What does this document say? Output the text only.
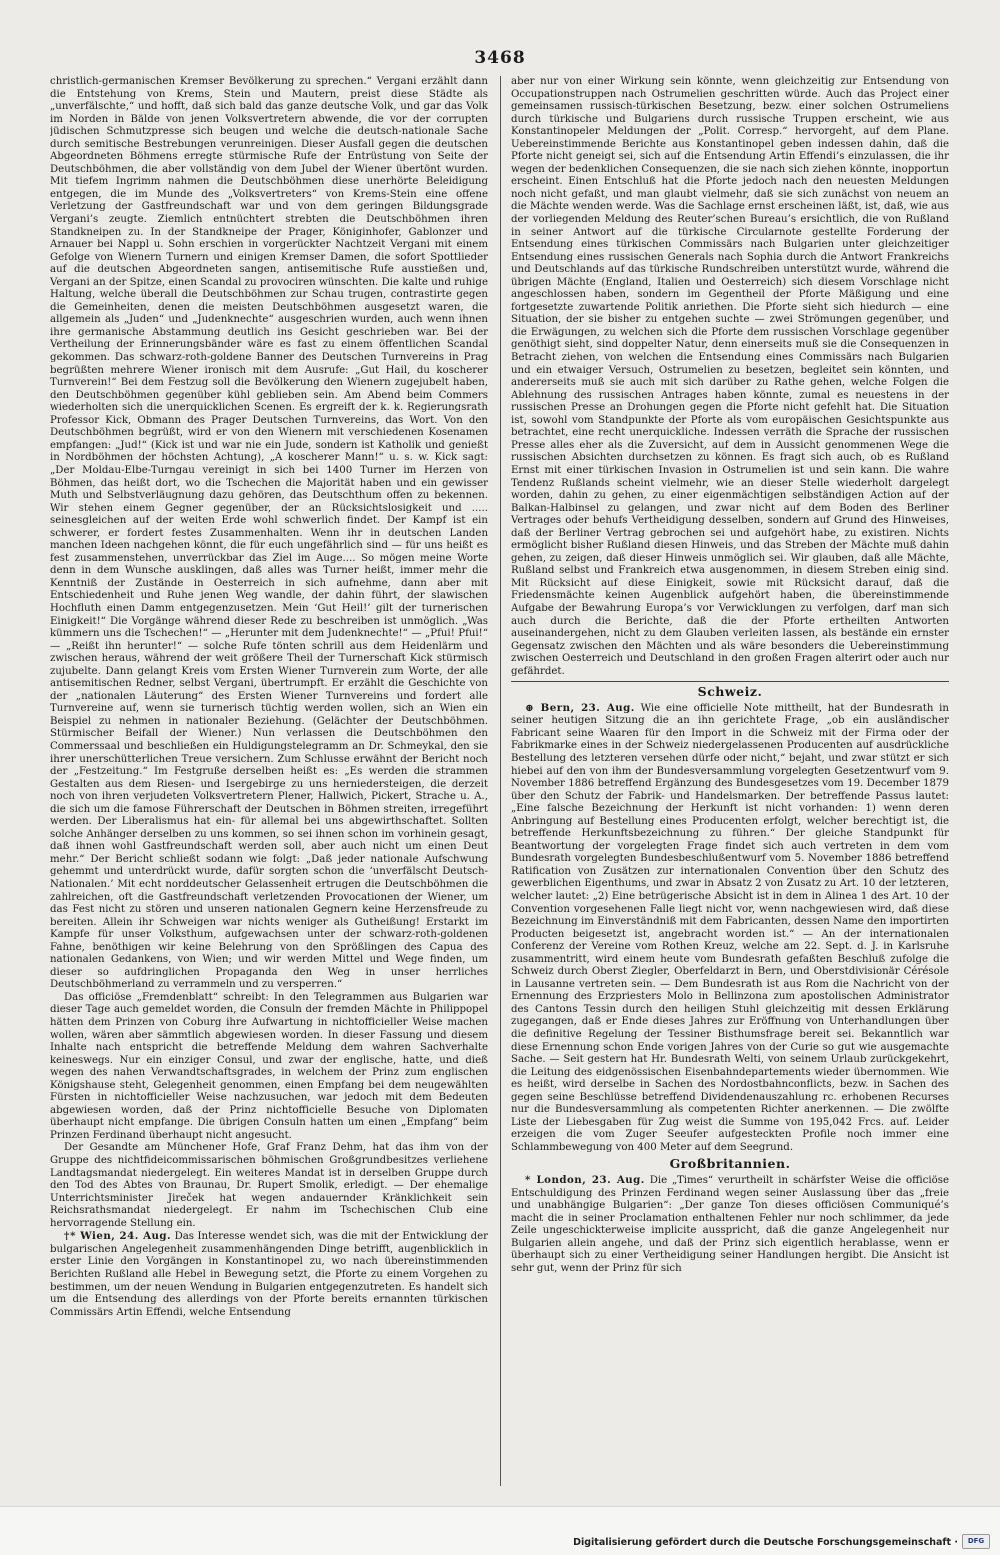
3468

christlich-germanischen Kremser Bevölkerung zu sprechen.“ Vergani erzählt dann die Entstehung von Krems, Stein und Mautern, preist diese Städte als „unverfälschte,“ und hofft, daß sich bald das ganze deutsche Volk, und gar das Volk im Norden in Bälde von jenen Volksvertretern abwende, die vor der corrupten jüdischen Schmutzpresse sich beugen und welche die deutsch-nationale Sache durch semitische Bestrebungen verunreinigen. Dieser Ausfall gegen die deutschen Abgeordneten Böhmens erregte stürmische Rufe der Entrüstung von Seite der Deutschböhmen, die aber vollständig von dem Jubel der Wiener übertönt wurden. Mit tiefem Ingrimm nahmen die Deutschböhmen diese unerhörte Beleidigung entgegen, die im Munde des „Volksvertreters“ von Krems-Stein eine offene Verletzung der Gastfreundschaft war und von dem geringen Bildungsgrade Vergani’s zeugte. Ziemlich entnüchtert strebten die Deutschböhmen ihren Standkneipen zu. In der Standkneipe der Prager, Königinhofer, Gablonzer und Arnauer bei Nappl u. Sohn erschien in vorgerückter Nachtzeit Vergani mit einem Gefolge von Wienern Turnern und einigen Kremser Damen, die sofort Spottlieder auf die deutschen Abgeordneten sangen, antisemitische Rufe ausstießen und, Vergani an der Spitze, einen Scandal zu provociren wünschten. Die kalte und ruhige Haltung, welche überall die Deutschböhmen zur Schau trugen, contrastirte gegen die Gemeinheiten, denen die meisten Deutschböhmen ausgesetzt waren, die allgemein als „Juden“ und „Judenknechte“ ausgeschrien wurden, auch wenn ihnen ihre germanische Abstammung deutlich ins Gesicht geschrieben war. Bei der Vertheilung der Erinnerungsbänder wäre es fast zu einem öffentlichen Scandal gekommen. Das schwarz-roth-goldene Banner des Deutschen Turnvereins in Prag begrüßten mehrere Wiener ironisch mit dem Ausrufe: „Gut Hail, du koscherer Turnverein!“ Bei dem Festzug soll die Bevölkerung den Wienern zugejubelt haben, den Deutschböhmen gegenüber kühl geblieben sein. Am Abend beim Commers wiederholten sich die unerquicklichen Scenen. Es ergreift der k. k. Regierungsrath Professor Kick, Obmann des Prager Deutschen Turnvereins, das Wort. Von den Deutschböhmen begrüßt, wird er von den Wienern mit verschiedenen Kosenamen empfangen: „Jud!“ (Kick ist und war nie ein Jude, sondern ist Katholik und genießt in Nordböhmen der höchsten Achtung), „A koscherer Mann!“ u. s. w. Kick sagt: „Der Moldau-Elbe-Turngau vereinigt in sich bei 1400 Turner im Herzen von Böhmen, das heißt dort, wo die Tschechen die Majorität haben und ein gewisser Muth und Selbstverläugnung dazu gehören, das Deutschthum offen zu bekennen. Wir stehen einem Gegner gegenüber, der an Rücksichtslosigkeit und ..... seinesgleichen auf der weiten Erde wohl schwerlich findet. Der Kampf ist ein schwerer, er fordert festes Zusammenhalten. Wenn ihr in deutschen Landen manchen Ideen nachgehen könnt, die für euch ungefährlich sind — für uns heißt es fest zusammenstehen, unverrückbar das Ziel im Auge.... So mögen meine Worte denn in dem Wunsche ausklingen, daß alles was Turner heißt, immer mehr die Kenntniß der Zustände in Oesterreich in sich aufnehme, dann aber mit Entschiedenheit und Ruhe jenen Weg wandle, der dahin führt, der slawischen Hochfluth einen Damm entgegenzusetzen. Mein ‘Gut Heil!’ gilt der turnerischen Einigkeit!“ Die Vorgänge während dieser Rede zu beschreiben ist unmöglich. „Was kümmern uns die Tschechen!“ — „Herunter mit dem Judenknechte!“ — „Pfui! Pfui!“ — „Reißt ihn herunter!“ — solche Rufe tönten schrill aus dem Heidenlärm und zwischen heraus, während der weit größere Theil der Turnerschaft Kick stürmisch zujubelte. Dann gelangt Kreis vom Ersten Wiener Turnverein zum Worte, der alle antisemitischen Redner, selbst Vergani, übertrumpft. Er erzählt die Geschichte von der „nationalen Läuterung“ des Ersten Wiener Turnvereins und fordert alle Turnvereine auf, wenn sie turnerisch tüchtig werden wollen, sich an Wien ein Beispiel zu nehmen in nationaler Beziehung. (Gelächter der Deutschböhmen. Stürmischer Beifall der Wiener.) Nun verlassen die Deutschböhmen den Commerssaal und beschließen ein Huldigungstelegramm an Dr. Schmeykal, den sie ihrer unerschütterlichen Treue versichern. Zum Schlusse erwähnt der Bericht noch der „Festzeitung.“ Im Festgruße derselben heißt es: „Es werden die strammen Gestalten aus dem Riesen- und Isergebirge zu uns herniedersteigen, die derzeit noch von ihren verjudeten Volksvertretern Plener, Hallwich, Pickert, Strache u. A., die sich um die famose Führerschaft der Deutschen in Böhmen streiten, irregeführt werden. Der Liberalismus hat ein- für allemal bei uns abgewirthschaftet. Sollten solche Anhänger derselben zu uns kommen, so sei ihnen schon im vorhinein gesagt, daß ihnen wohl Gastfreundschaft werden soll, aber auch nicht um einen Deut mehr.“ Der Bericht schließt sodann wie folgt: „Daß jeder nationale Aufschwung gehemmt und unterdrückt wurde, dafür sorgten schon die ‘unverfälscht Deutsch-Nationalen.’ Mit echt norddeutscher Gelassenheit ertrugen die Deutschböhmen die zahlreichen, oft die Gastfreundschaft verletzenden Provocationen der Wiener, um das Fest nicht zu stören und unseren nationalen Gegnern keine Herzensfreude zu bereiten. Allein ihr Schweigen war nichts weniger als Gutheißung! Erstarkt im Kampfe für unser Volksthum, aufgewachsen unter der schwarz-roth-goldenen Fahne, benöthigen wir keine Belehrung von den Sprößlingen des Capua des nationalen Gedankens, von Wien; und wir werden Mittel und Wege finden, um dieser so aufdringlichen Propaganda den Weg in unser herrliches Deutschböhmerland zu verrammeln und zu versperren.“

Das officiöse „Fremdenblatt“ schreibt: In den Telegrammen aus Bulgarien war dieser Tage auch gemeldet worden, die Consuln der fremden Mächte in Philippopel hätten dem Prinzen von Coburg ihre Aufwartung in nichtofficieller Weise machen wollen, wären aber sämmtlich abgewiesen worden. In dieser Fassung und diesem Inhalte nach entspricht die betreffende Meldung dem wahren Sachverhalte keineswegs. Nur ein einziger Consul, und zwar der englische, hatte, und dieß wegen des nahen Verwandtschaftsgrades, in welchem der Prinz zum englischen Königshause steht, Gelegenheit genommen, einen Empfang bei dem neugewählten Fürsten in nichtofficieller Weise nachzusuchen, war jedoch mit dem Bedeuten abgewiesen worden, daß der Prinz nichtofficielle Besuche von Diplomaten überhaupt nicht empfange. Die übrigen Consuln hatten um einen „Empfang“ beim Prinzen Ferdinand überhaupt nicht angesucht.

Der Gesandte am Münchener Hofe, Graf Franz Dehm, hat das ihm von der Gruppe des nichtfideicommissarischen böhmischen Großgrundbesitzes verliehene Landtagsmandat niedergelegt. Ein weiteres Mandat ist in derselben Gruppe durch den Tod des Abtes von Braunau, Dr. Rupert Smolik, erledigt. — Der ehemalige Unterrichtsminister Jireček hat wegen andauernder Kränklichkeit sein Reichsrathsmandat niedergelegt. Er nahm im Tschechischen Club eine hervorragende Stellung ein.

†* Wien, 24. Aug. Das Interesse wendet sich, was die mit der Entwicklung der bulgarischen Angelegenheit zusammenhängenden Dinge betrifft, augenblicklich in erster Linie den Vorgängen in Konstantinopel zu, wo nach übereinstimmenden Berichten Rußland alle Hebel in Bewegung setzt, die Pforte zu einem Vorgehen zu bestimmen, um der neuen Wendung in Bulgarien entgegenzutreten. Es handelt sich um die Entsendung des allerdings von der Pforte bereits ernannten türkischen Commissärs Artin Effendi, welche Entsendung

aber nur von einer Wirkung sein könnte, wenn gleichzeitig zur Entsendung von Occupationstruppen nach Ostrumelien geschritten würde. Auch das Project einer gemeinsamen russisch-türkischen Besetzung, bezw. einer solchen Ostrumeliens durch türkische und Bulgariens durch russische Truppen erscheint, wie aus Konstantinopeler Meldungen der „Polit. Corresp.“ hervorgeht, auf dem Plane. Uebereinstimmende Berichte aus Konstantinopel geben indessen dahin, daß die Pforte nicht geneigt sei, sich auf die Entsendung Artin Effendi’s einzulassen, die ihr wegen der bedenklichen Consequenzen, die sie nach sich ziehen könnte, inopportun erscheint. Einen Entschluß hat die Pforte jedoch nach den neuesten Meldungen noch nicht gefaßt, und man glaubt vielmehr, daß sie sich zunächst von neuem an die Mächte wenden werde. Was die Sachlage ernst erscheinen läßt, ist, daß, wie aus der vorliegenden Meldung des Reuter’schen Bureau’s ersichtlich, die von Rußland in seiner Antwort auf die türkische Circularnote gestellte Forderung der Entsendung eines türkischen Commissärs nach Bulgarien unter gleichzeitiger Entsendung eines russischen Generals nach Sophia durch die Antwort Frankreichs und Deutschlands auf das türkische Rundschreiben unterstützt wurde, während die übrigen Mächte (England, Italien und Oesterreich) sich diesem Vorschlage nicht angeschlossen haben, sondern im Gegentheil der Pforte Mäßigung und eine fortgesetzte zuwartende Politik anriethen. Die Pforte sieht sich hiedurch — eine Situation, der sie bisher zu entgehen suchte — zwei Strömungen gegenüber, und die Erwägungen, zu welchen sich die Pforte dem russischen Vorschlage gegenüber genöthigt sieht, sind doppelter Natur, denn einerseits muß sie die Consequenzen in Betracht ziehen, von welchen die Entsendung eines Commissärs nach Bulgarien und ein etwaiger Versuch, Ostrumelien zu besetzen, begleitet sein könnten, und andererseits muß sie auch mit sich darüber zu Rathe gehen, welche Folgen die Ablehnung des russischen Antrages haben könnte, zumal es neuestens in der russischen Presse an Drohungen gegen die Pforte nicht gefehlt hat. Die Situation ist, sowohl vom Standpunkte der Pforte als vom europäischen Gesichtspunkte aus betrachtet, eine recht unerquickliche. Indessen verräth die Sprache der russischen Presse alles eher als die Zuversicht, auf dem in Aussicht genommenen Wege die russischen Absichten durchsetzen zu können. Es fragt sich auch, ob es Rußland Ernst mit einer türkischen Invasion in Ostrumelien ist und sein kann. Die wahre Tendenz Rußlands scheint vielmehr, wie an dieser Stelle wiederholt dargelegt worden, dahin zu gehen, zu einer eigenmächtigen selbständigen Action auf der Balkan-Halbinsel zu gelangen, und zwar nicht auf dem Boden des Berliner Vertrages oder behufs Vertheidigung desselben, sondern auf Grund des Hinweises, daß der Berliner Vertrag gebrochen sei und aufgehört habe, zu existiren. Nichts ermöglicht bisher Rußland diesen Hinweis, und das Streben der Mächte muß dahin gehen, zu zeigen, daß dieser Hinweis unmöglich sei. Wir glauben, daß alle Mächte, Rußland selbst und Frankreich etwa ausgenommen, in diesem Streben einig sind. Mit Rücksicht auf diese Einigkeit, sowie mit Rücksicht darauf, daß die Friedensmächte keinen Augenblick aufgehört haben, die übereinstimmende Aufgabe der Bewahrung Europa’s vor Verwicklungen zu verfolgen, darf man sich auch durch die Berichte, daß die der Pforte ertheilten Antworten auseinandergehen, nicht zu dem Glauben verleiten lassen, als bestände ein ernster Gegensatz zwischen den Mächten und als wäre besonders die Uebereinstimmung zwischen Oesterreich und Deutschland in den großen Fragen alterirt oder auch nur gefährdet.

Schweiz.

⊕ Bern, 23. Aug. Wie eine officielle Note mittheilt, hat der Bundesrath in seiner heutigen Sitzung die an ihn gerichtete Frage, „ob ein ausländischer Fabricant seine Waaren für den Import in die Schweiz mit der Firma oder der Fabrikmarke eines in der Schweiz niedergelassenen Producenten auf ausdrückliche Bestellung des letzteren versehen dürfe oder nicht,“ bejaht, und zwar stützt er sich hiebei auf den von ihm der Bundesversammlung vorgelegten Gesetzentwurf vom 9. November 1886 betreffend Ergänzung des Bundesgesetzes vom 19. December 1879 über den Schutz der Fabrik- und Handelsmarken. Der betreffende Passus lautet: „Eine falsche Bezeichnung der Herkunft ist nicht vorhanden: 1) wenn deren Anbringung auf Bestellung eines Producenten erfolgt, welcher berechtigt ist, die betreffende Herkunftsbezeichnung zu führen.“ Der gleiche Standpunkt für Beantwortung der vorgelegten Frage findet sich auch vertreten in dem vom Bundesrath vorgelegten Bundesbeschlußentwurf vom 5. November 1886 betreffend Ratification von Zusätzen zur internationalen Convention über den Schutz des gewerblichen Eigenthums, und zwar in Absatz 2 von Zusatz zu Art. 10 der letzteren, welcher lautet: „2) Eine betrügerische Absicht ist in dem in Alinea 1 des Art. 10 der Convention vorgesehenen Falle liegt nicht vor, wenn nachgewiesen wird, daß diese Bezeichnung im Einverständniß mit dem Fabricanten, dessen Name den importirten Producten beigesetzt ist, angebracht worden ist.“ — An der internationalen Conferenz der Vereine vom Rothen Kreuz, welche am 22. Sept. d. J. in Karlsruhe zusammentritt, wird einem heute vom Bundesrath gefaßten Beschluß zufolge die Schweiz durch Oberst Ziegler, Oberfeldarzt in Bern, und Oberstdivisionär Cérésole in Lausanne vertreten sein. — Dem Bundesrath ist aus Rom die Nachricht von der Ernennung des Erzpriesters Molo in Bellinzona zum apostolischen Administrator des Cantons Tessin durch den heiligen Stuhl gleichzeitig mit dessen Erklärung zugegangen, daß er Ende dieses Jahres zur Eröffnung von Unterhandlungen über die definitive Regelung der Tessiner Bisthumsfrage bereit sei. Bekanntlich war diese Ernennung schon Ende vorigen Jahres von der Curie so gut wie ausgemachte Sache. — Seit gestern hat Hr. Bundesrath Welti, von seinem Urlaub zurückgekehrt, die Leitung des eidgenössischen Eisenbahndepartements wieder übernommen. Wie es heißt, wird derselbe in Sachen des Nordostbahnconflicts, bezw. in Sachen des gegen seine Beschlüsse betreffend Dividendenauszahlung rc. erhobenen Recurses nur die Bundesversammlung als competenten Richter anerkennen. — Die zwölfte Liste der Liebesgaben für Zug weist die Summe von 195,042 Frcs. auf. Leider erzeigen die vom Zuger Seeufer aufgesteckten Profile noch immer eine Schlammbewegung von 400 Meter auf dem Seegrund.

Großbritannien.

* London, 23. Aug. Die „Times“ verurtheilt in schärfster Weise die officiöse Entschuldigung des Prinzen Ferdinand wegen seiner Auslassung über das „freie und unabhängige Bulgarien“: „Der ganze Ton dieses officiösen Communiqué’s macht die in seiner Proclamation enthaltenen Fehler nur noch schlimmer, da jede Zeile ungeschickterweise implicite ausspricht, daß die ganze Angelegenheit nur Bulgarien allein angehe, und daß der Prinz sich eigentlich herablasse, wenn er überhaupt sich zu einer Vertheidigung seiner Handlungen hergibt. Die Ansicht ist sehr gut, wenn der Prinz für sich

Digitalisierung gefördert durch die Deutsche Forschungsgemeinschaft ·	DFG
